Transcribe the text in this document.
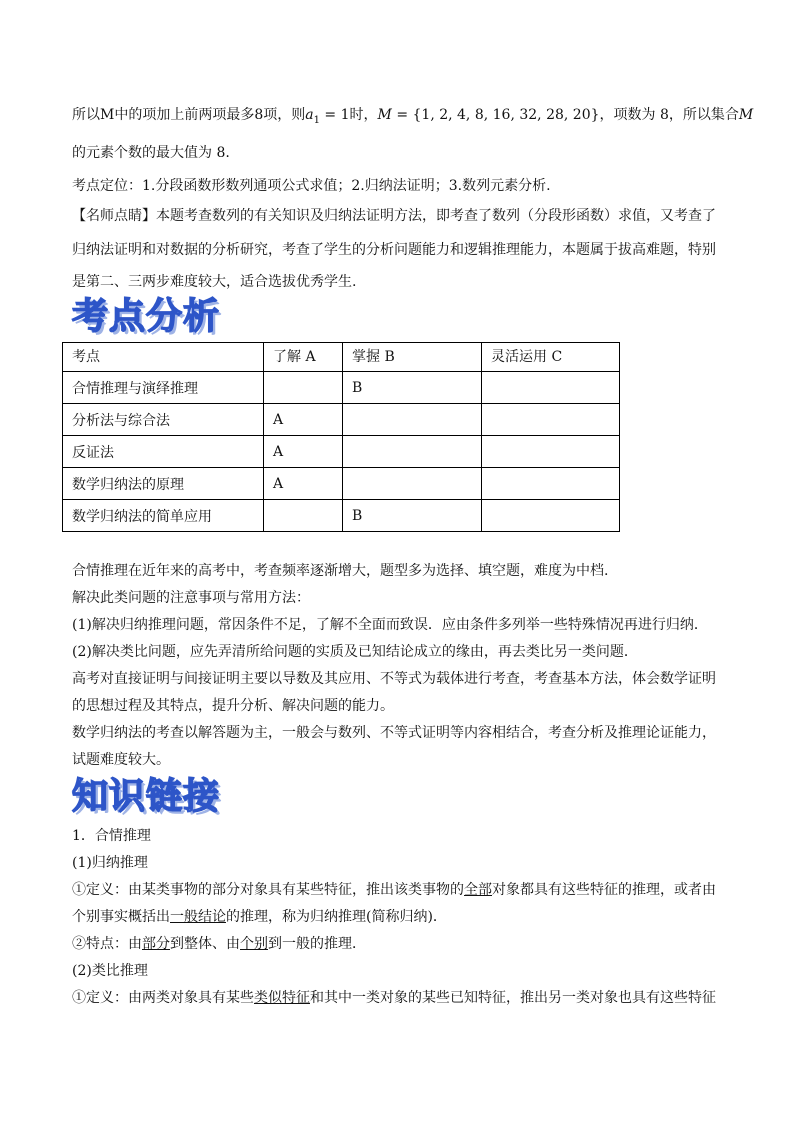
所以M中的项加上前两项最多8项，则$a_1 = 1$时，M = {1, 2, 4, 8, 16, 32, 28, 20}，项数为 8，所以集合M
的元素个数的最大值为 8.
考点定位：1.分段函数形数列通项公式求值；2.归纳法证明；3.数列元素分析.
【名师点睛】本题考查数列的有关知识及归纳法证明方法，即考查了数列（分段形函数）求值，又考查了
归纳法证明和对数据的分析研究，考查了学生的分析问题能力和逻辑推理能力，本题属于拔高难题，特别
是第二、三两步难度较大，适合选拔优秀学生.
考点分析
考点	了解 A	掌握 B	灵活运用 C
合情推理与演绎推理		B	
分析法与综合法	A		
反证法	A		
数学归纳法的原理	A		
数学归纳法的简单应用		B	
合情推理在近年来的高考中，考查频率逐渐增大，题型多为选择、填空题，难度为中档.
解决此类问题的注意事项与常用方法：
(1)解决归纳推理问题，常因条件不足，了解不全面而致误．应由条件多列举一些特殊情况再进行归纳．
(2)解决类比问题，应先弄清所给问题的实质及已知结论成立的缘由，再去类比另一类问题．
高考对直接证明与间接证明主要以导数及其应用、不等式为载体进行考查，考查基本方法，体会数学证明
的思想过程及其特点，提升分析、解决问题的能力。
数学归纳法的考查以解答题为主，一般会与数列、不等式证明等内容相结合，考查分析及推理论证能力，
试题难度较大。
知识链接
1．合情推理
(1)归纳推理
①定义：由某类事物的部分对象具有某些特征，推出该类事物的全部对象都具有这些特征的推理，或者由
个别事实概括出一般结论的推理，称为归纳推理(简称归纳)．
②特点：由部分到整体、由个别到一般的推理．
(2)类比推理
①定义：由两类对象具有某些类似特征和其中一类对象的某些已知特征，推出另一类对象也具有这些特征
